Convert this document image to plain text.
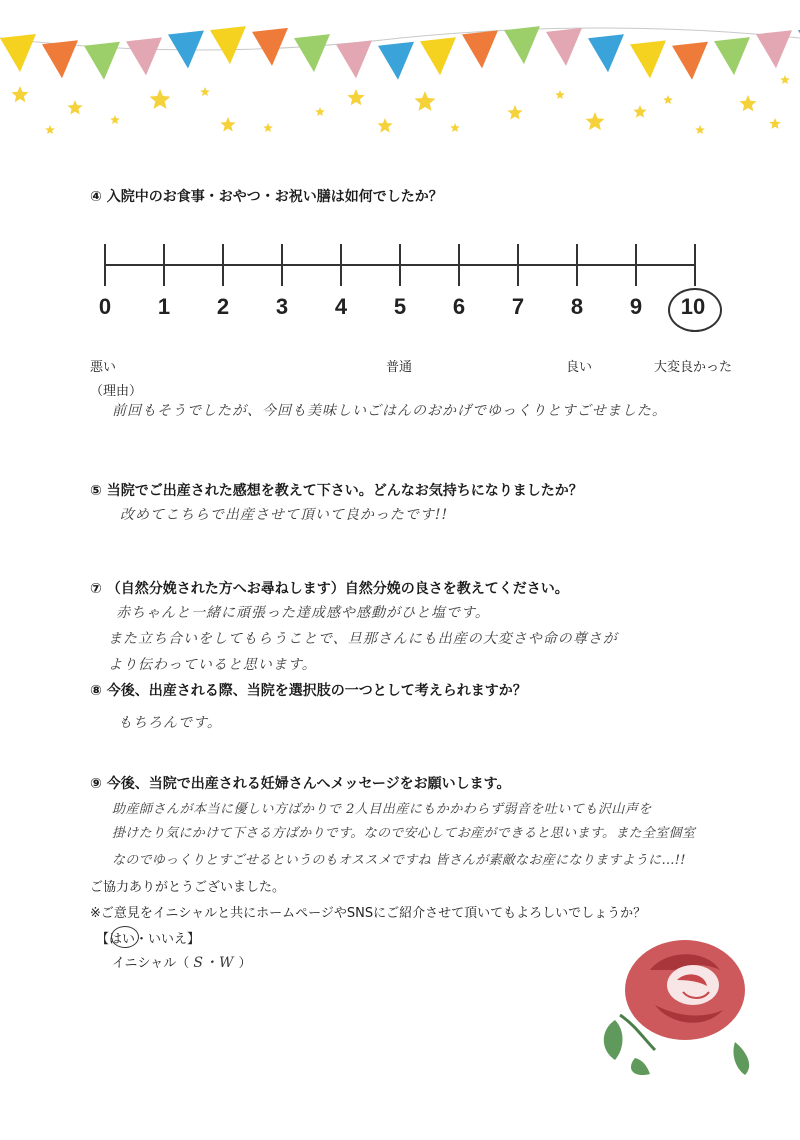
④ 入院中のお食事・おやつ・お祝い膳は如何でしたか？
0	1	2	3	4	5	6	7	8	9	10
悪い	普通	良い	大変良かった
（理由）
前回もそうでしたが、今回も美味しいごはんのおかげでゆっくりとすごせました。
⑤ 当院でご出産された感想を教えて下さい。どんなお気持ちになりましたか？
改めてこちらで出産させて頂いて良かったです!!
⑦ （自然分娩された方へお尋ねします）自然分娩の良さを教えてください。
赤ちゃんと一緒に頑張った達成感や感動がひと塩です。
また立ち合いをしてもらうことで、旦那さんにも出産の大変さや命の尊さが
より伝わっていると思います。
⑧ 今後、出産される際、当院を選択肢の一つとして考えられますか？
もちろんです。
⑨ 今後、当院で出産される妊婦さんへメッセージをお願いします。
助産師さんが本当に優しい方ばかりで 2人目出産にもかかわらず弱音を吐いても沢山声を
掛けたり気にかけて下さる方ばかりです。なので安心してお産ができると思います。また全室個室
なのでゆっくりとすごせるというのもオススメですね 皆さんが素敵なお産になりますように…!!
ご協力ありがとうございました。
※ご意見をイニシャルと共にホームページやSNSにご紹介させて頂いてもよろしいでしょうか？
【はい・いいえ】
イニシャル（ S・W ）
